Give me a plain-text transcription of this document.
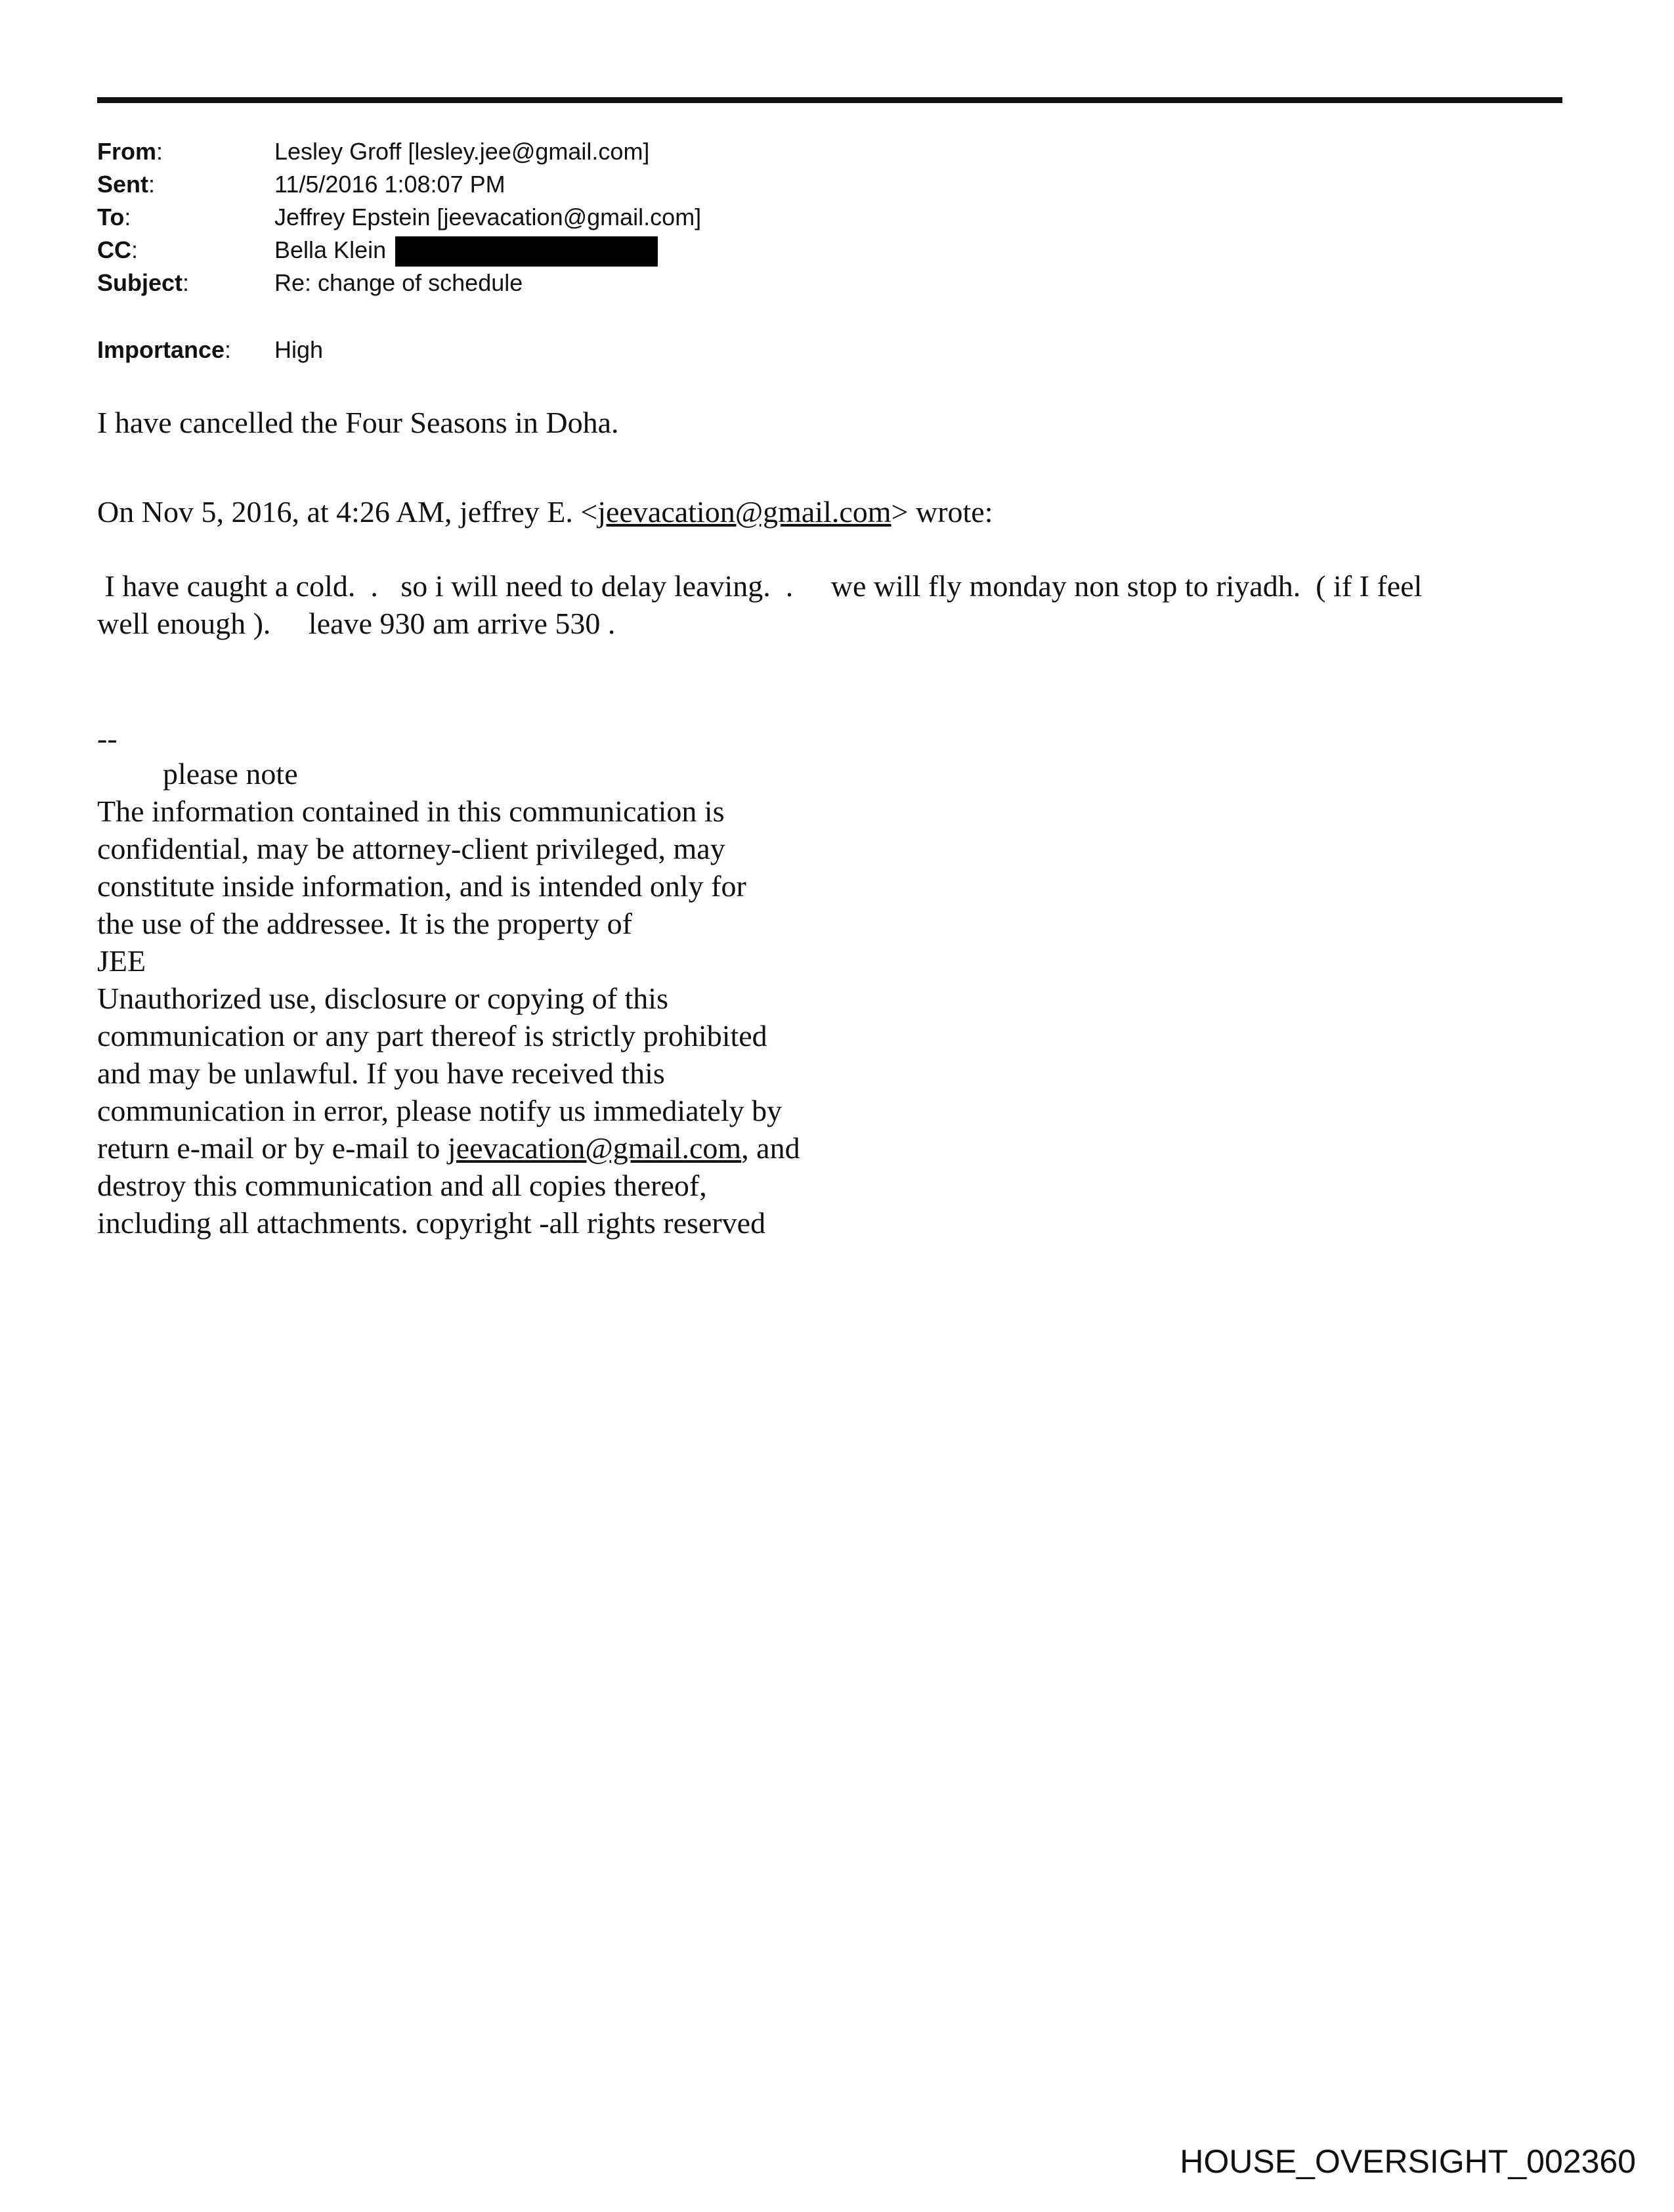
From:	Lesley Groff [lesley.jee@gmail.com]
Sent:	11/5/2016 1:08:07 PM
To:	Jeffrey Epstein [jeevacation@gmail.com]
CC:	Bella Klein
Subject:	Re: change of schedule
Importance:	High
I have cancelled the Four Seasons in Doha.
On Nov 5, 2016, at 4:26 AM, jeffrey E. <jeevacation@gmail.com> wrote:
I have caught a cold.  .   so i will need to delay leaving.  .     we will fly monday non stop to riyadh.  ( if I feel
well enough ).     leave 930 am arrive 530 .
--
please note
The information contained in this communication is
confidential, may be attorney-client privileged, may
constitute inside information, and is intended only for
the use of the addressee. It is the property of
JEE
Unauthorized use, disclosure or copying of this
communication or any part thereof is strictly prohibited
and may be unlawful. If you have received this
communication in error, please notify us immediately by
return e-mail or by e-mail to jeevacation@gmail.com, and
destroy this communication and all copies thereof,
including all attachments. copyright -all rights reserved
HOUSE_OVERSIGHT_002360
